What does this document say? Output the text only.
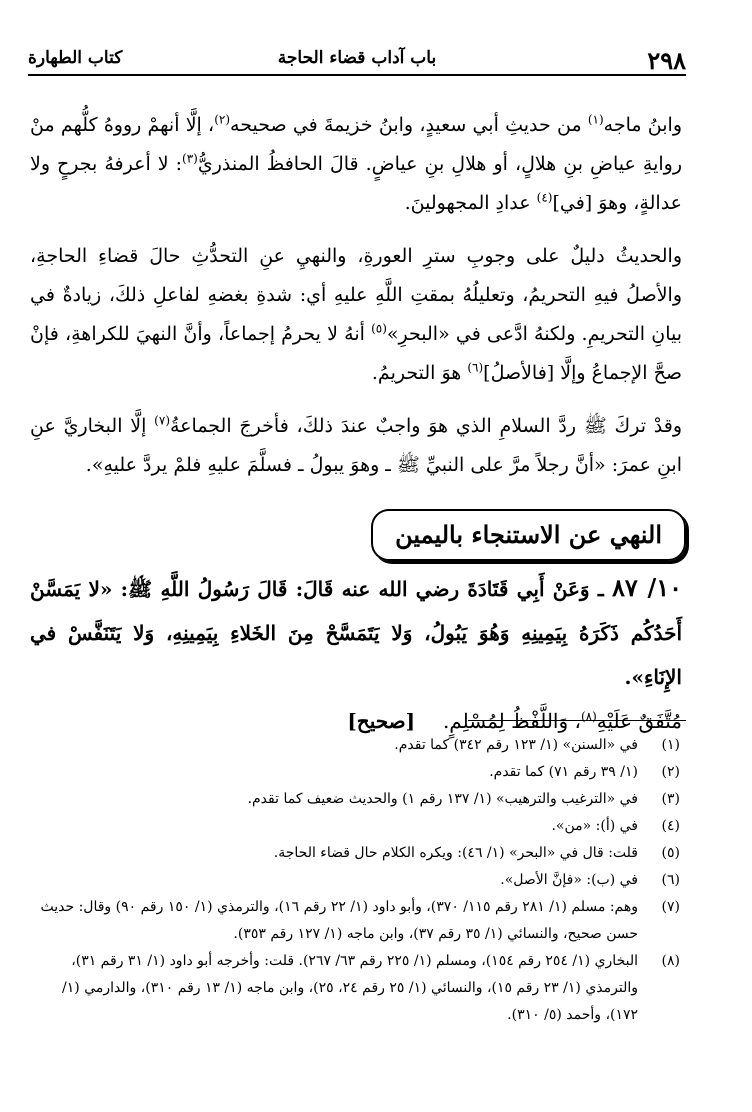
٢٩٨
باب آداب قضاء الحاجة
كتاب الطهارة

وابنُ ماجه$^{(١)}$ من حديثِ أبي سعيدٍ، وابنُ خزيمةَ في صحيحه$^{(٢)}$، إلَّا أنهمْ رووهُ كلُّهم منْ روايةِ عياضِ بنِ هلالٍ، أو هلالِ بنِ عياضٍ. قالَ الحافظُ المنذريُّ$^{(٣)}$: لا أعرفهُ بجرحٍ ولا عدالةٍ، وهوَ [في]$^{(٤)}$ عدادِ المجهولينَ.

والحديثُ دليلٌ على وجوبِ سترِ العورةِ، والنهيِ عنِ التحدُّثِ حالَ قضاءِ الحاجةِ، والأصلُ فيهِ التحريمُ، وتعليلُهُ بمقتِ اللَّهِ عليهِ أي: شدةِ بغضهِ لفاعلِ ذلكَ، زيادةٌ في بيانِ التحريمِ. ولكنهُ ادَّعى في «البحرِ»$^{(٥)}$ أنهُ لا يحرمُ إجماعاً، وأنَّ النهيَ للكراهةِ، فإنْ صحَّ الإجماعُ وإلَّا [فالأصلُ]$^{(٦)}$ هوَ التحريمُ.

وقدْ تركَ ﷺ ردَّ السلامِ الذي هوَ واجبٌ عندَ ذلكَ، فأخرجَ الجماعةُ$^{(٧)}$ إلَّا البخاريَّ عنِ ابنِ عمرَ: «أنَّ رجلاً مرَّ على النبيِّ ﷺ ـ وهوَ يبولُ ـ فسلَّمَ عليهِ فلمْ يردَّ عليهِ».

النهي عن الاستنجاء باليمين
١٠/ ٨٧ ـ وَعَنْ أَبِي قَتَادَةَ رضي الله عنه قَالَ: قَالَ رَسُولُ اللَّهِ ﷺ: «لا يَمَسَّنْ أَحَدُكُم ذَكَرَهُ بِيَمِينِهِ وَهُوَ يَبُولُ، وَلا يَتَمَسَّحْ مِنَ الخَلاءِ بِيَمِينِهِ، وَلا يَتَنَفَّسْ في الإِنَاءِ».
مُتَّفَقٌ عَلَيْهِ$^{(٨)}$، وَاللَّفْظُ لِمُسْلِمٍ.    [صحيح]
(١)
في «السنن» (١/ ١٢٣ رقم ٣٤٢) كما تقدم.
(٢)
(١/ ٣٩ رقم ٧١) كما تقدم.
(٣)
في «الترغيب والترهيب» (١/ ١٣٧ رقم ١) والحديث ضعيف كما تقدم.
(٤)
في (أ): «من».
(٥)
قلت: قال في «البحر» (١/ ٤٦): ويكره الكلام حال قضاء الحاجة.
(٦)
في (ب): «فإنَّ الأصل».
(٧)
وهم: مسلم (١/ ٢٨١ رقم ١١٥/ ٣٧٠)، وأبو داود (١/ ٢٢ رقم ١٦)، والترمذي (١/ ١٥٠ رقم ٩٠) وقال: حديث حسن صحيح، والنسائي (١/ ٣٥ رقم ٣٧)، وابن ماجه (١/ ١٢٧ رقم ٣٥٣).
(٨)
البخاري (١/ ٢٥٤ رقم ١٥٤)، ومسلم (١/ ٢٢٥ رقم ٦٣/ ٢٦٧). قلت: وأخرجه أبو داود (١/ ٣١ رقم ٣١)، والترمذي (١/ ٢٣ رقم ١٥)، والنسائي (١/ ٢٥ رقم ٢٤، ٢٥)، وابن ماجه (١/ ١٣ رقم ٣١٠)، والدارمي (١/ ١٧٢)، وأحمد (٥/ ٣١٠).
